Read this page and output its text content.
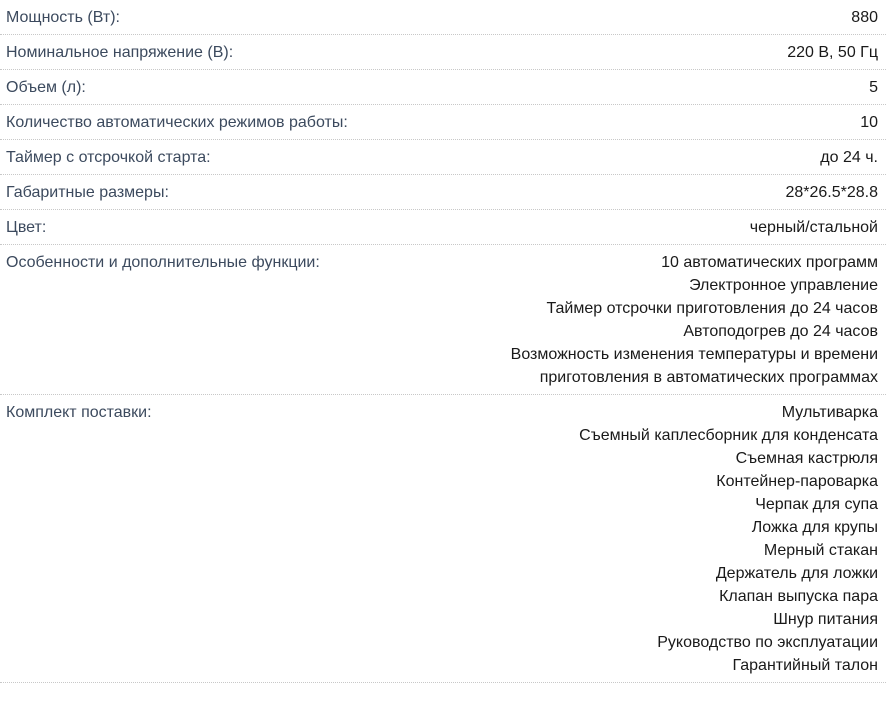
Мощность (Вт):	880
Номинальное напряжение (В):	220 В, 50 Гц
Объем (л):	5
Количество автоматических режимов работы:	10
Таймер с отсрочкой старта:	до 24 ч.
Габаритные размеры:	28*26.5*28.8
Цвет:	черный/стальной
Особенности и дополнительные функции:	10 автоматических программ
Электронное управление
Таймер отсрочки приготовления до 24 часов
Автоподогрев до 24 часов
Возможность изменения температуры и времени
приготовления в автоматических программах
Комплект поставки:	Мультиварка
Съемный каплесборник для конденсата
Съемная кастрюля
Контейнер-пароварка
Черпак для супа
Ложка для крупы
Мерный стакан
Держатель для ложки
Клапан выпуска пара
Шнур питания
Руководство по эксплуатации
Гарантийный талон
